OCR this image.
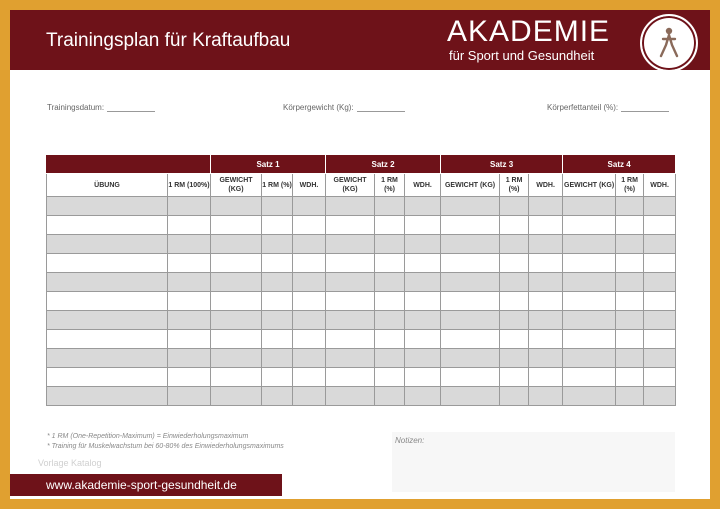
Trainingsplan für Kraftaufbau	AKADEMIE
für Sport und Gesundheit
Trainingsdatum:	Körpergewicht (Kg):	Körperfettanteil (%):
		Satz 1			Satz 2			Satz 3			Satz 4		
ÜBUNG	1 RM (100%)	GEWICHT (KG)	1 RM (%)	WDH.	GEWICHT (KG)	1 RM (%)	WDH.	GEWICHT (KG)	1 RM (%)	WDH.	GEWICHT (KG)	1 RM (%)	WDH.

* 1 RM (One-Repetition-Maximum) = Einwiederholungsmaximum
* Training für Muskelwachstum bei 60-80% des Einwiederholungsmaximums
Notizen:
Vorlage Katalog
www.akademie-sport-gesundheit.de
